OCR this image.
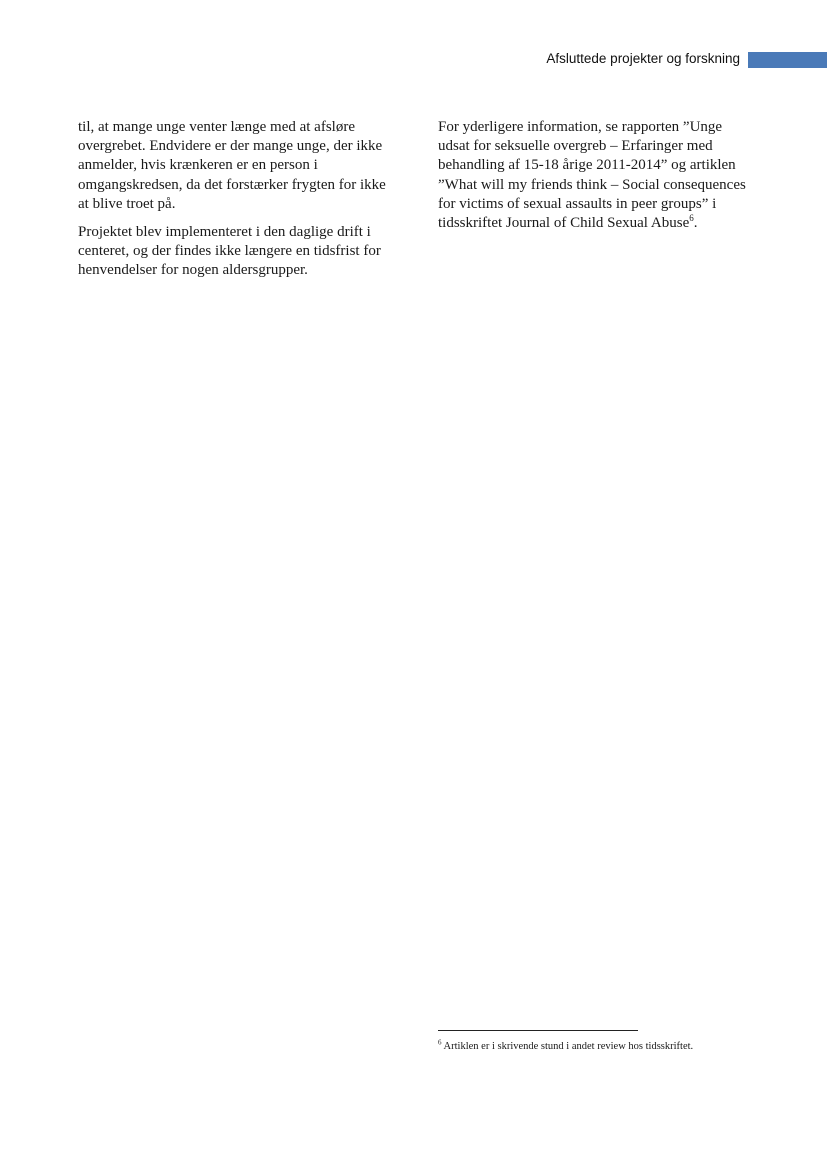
Afsluttede projekter og forskning

til, at mange unge venter længe med at afsløre overgrebet. Endvidere er der mange unge, der ikke anmelder, hvis krænkeren er en person i omgangskredsen, da det forstærker frygten for ikke at blive troet på.

Projektet blev implementeret i den daglige drift i centeret, og der findes ikke længere en tidsfrist for henvendelser for nogen aldersgrupper.

For yderligere information, se rapporten ”Unge udsat for seksuelle overgreb – Erfaringer med behandling af 15-18 årige 2011-2014” og artiklen ”What will my friends think – Social consequences for victims of sexual assaults in peer groups” i tidsskriftet Journal of Child Sexual Abuse$^6$.

$^6$ Artiklen er i skrivende stund i andet review hos tidsskriftet.
